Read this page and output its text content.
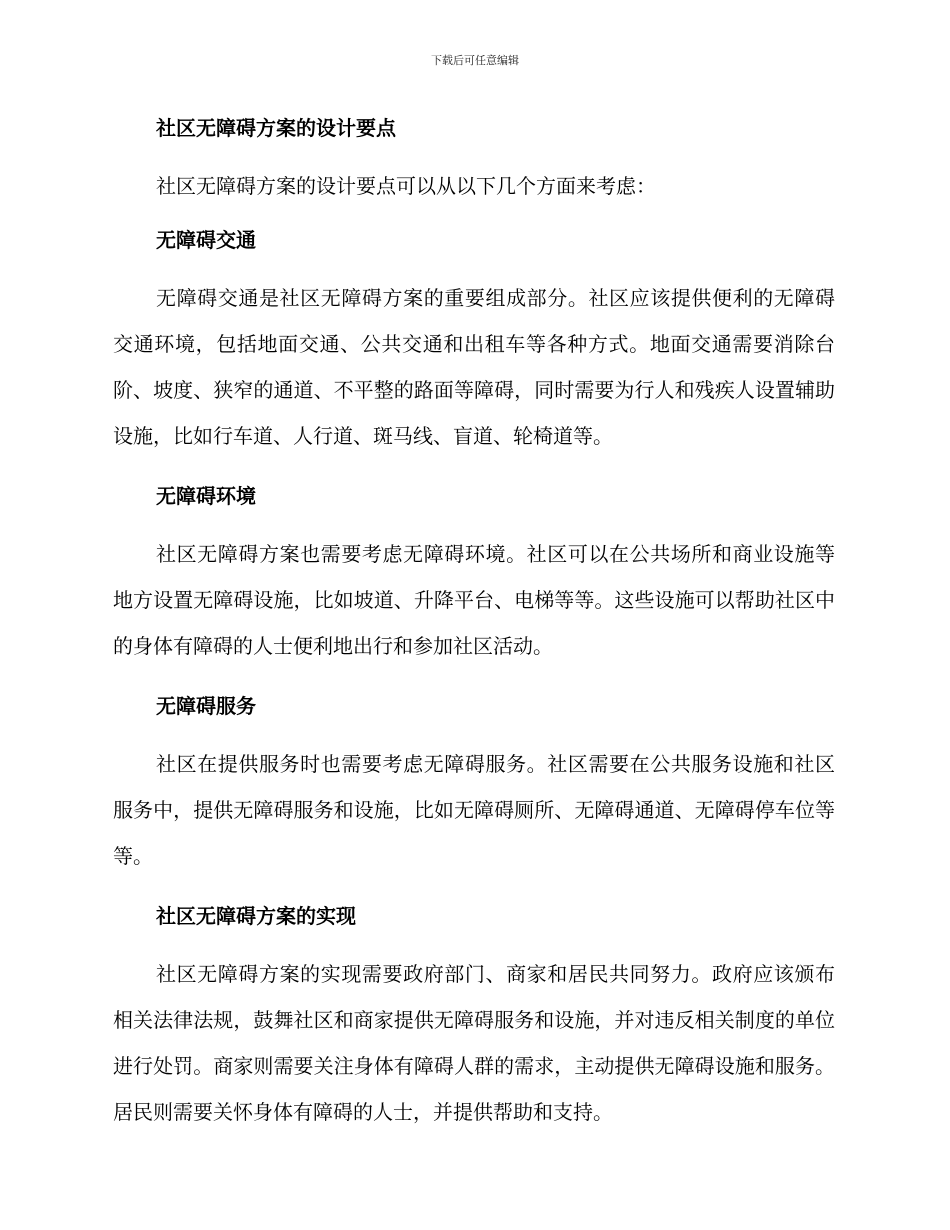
下载后可任意编辑
社区无障碍方案的设计要点

社区无障碍方案的设计要点可以从以下几个方面来考虑：

无障碍交通

无障碍交通是社区无障碍方案的重要组成部分。社区应该提供便利的无障碍交通环境，包括地面交通、公共交通和出租车等各种方式。地面交通需要消除台阶、坡度、狭窄的通道、不平整的路面等障碍，同时需要为行人和残疾人设置辅助设施，比如行车道、人行道、斑马线、盲道、轮椅道等。

无障碍环境

社区无障碍方案也需要考虑无障碍环境。社区可以在公共场所和商业设施等地方设置无障碍设施，比如坡道、升降平台、电梯等等。这些设施可以帮助社区中的身体有障碍的人士便利地出行和参加社区活动。

无障碍服务

社区在提供服务时也需要考虑无障碍服务。社区需要在公共服务设施和社区服务中，提供无障碍服务和设施，比如无障碍厕所、无障碍通道、无障碍停车位等等。

社区无障碍方案的实现

社区无障碍方案的实现需要政府部门、商家和居民共同努力。政府应该颁布相关法律法规，鼓舞社区和商家提供无障碍服务和设施，并对违反相关制度的单位进行处罚。商家则需要关注身体有障碍人群的需求，主动提供无障碍设施和服务。居民则需要关怀身体有障碍的人士，并提供帮助和支持。
